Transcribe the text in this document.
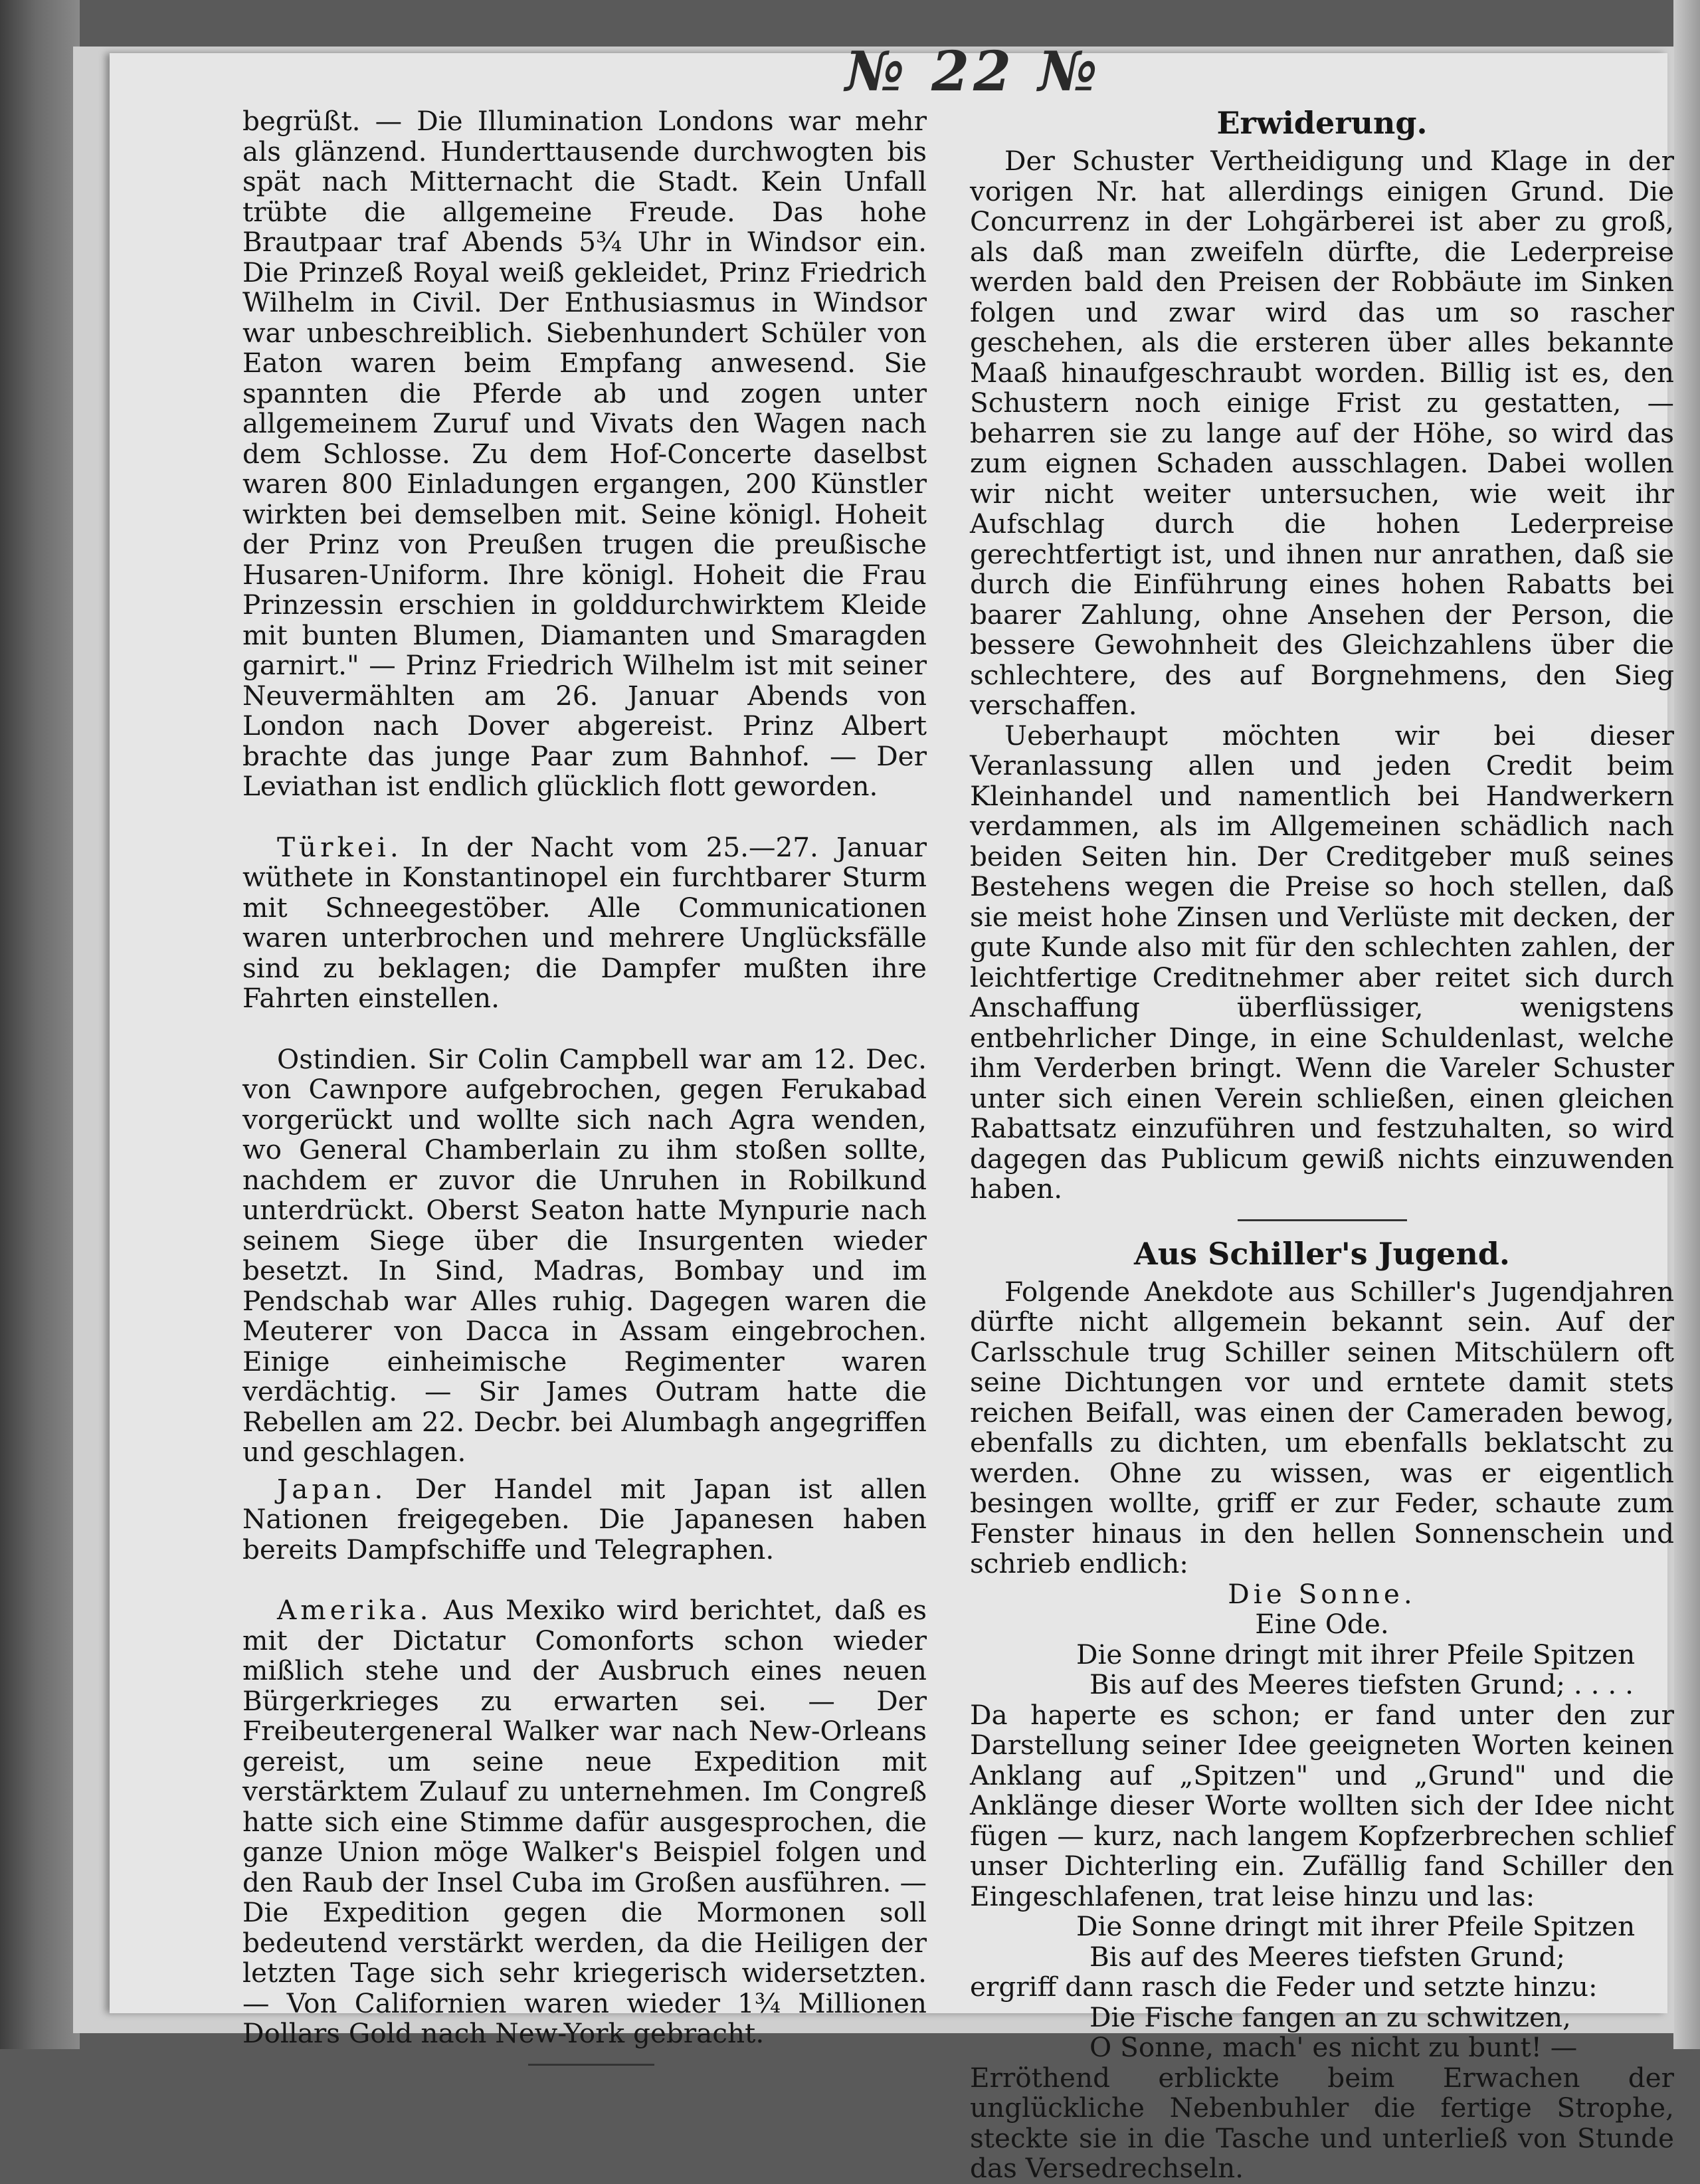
№ 22 №

begrüßt. — Die Illumination Londons war mehr als glänzend. Hunderttausende durchwogten bis spät nach Mitternacht die Stadt. Kein Unfall trübte die allgemeine Freude. Das hohe Brautpaar traf Abends 5¾ Uhr in Windsor ein. Die Prinzeß Royal weiß gekleidet, Prinz Friedrich Wilhelm in Civil. Der Enthusiasmus in Windsor war unbeschreiblich. Siebenhundert Schüler von Eaton waren beim Empfang anwesend. Sie spannten die Pferde ab und zogen unter allgemeinem Zuruf und Vivats den Wagen nach dem Schlosse. Zu dem Hof-Concerte daselbst waren 800 Einladungen ergangen, 200 Künstler wirkten bei demselben mit. Seine königl. Hoheit der Prinz von Preußen trugen die preußische Husaren-Uniform. Ihre königl. Hoheit die Frau Prinzessin erschien in golddurchwirktem Kleide mit bunten Blumen, Diamanten und Smaragden garnirt." — Prinz Friedrich Wilhelm ist mit seiner Neuvermählten am 26. Januar Abends von London nach Dover abgereist. Prinz Albert brachte das junge Paar zum Bahnhof. — Der Leviathan ist endlich glücklich flott geworden.

Türkei. In der Nacht vom 25.—27. Januar wüthete in Konstantinopel ein furchtbarer Sturm mit Schneegestöber. Alle Communicationen waren unterbrochen und mehrere Unglücksfälle sind zu beklagen; die Dampfer mußten ihre Fahrten einstellen.

Ostindien. Sir Colin Campbell war am 12. Dec. von Cawnpore aufgebrochen, gegen Ferukabad vorgerückt und wollte sich nach Agra wenden, wo General Chamberlain zu ihm stoßen sollte, nachdem er zuvor die Unruhen in Robilkund unterdrückt. Oberst Seaton hatte Mynpurie nach seinem Siege über die Insurgenten wieder besetzt. In Sind, Madras, Bombay und im Pendschab war Alles ruhig. Dagegen waren die Meuterer von Dacca in Assam eingebrochen. Einige einheimische Regimenter waren verdächtig. — Sir James Outram hatte die Rebellen am 22. Decbr. bei Alumbagh angegriffen und geschlagen.

Japan. Der Handel mit Japan ist allen Nationen freigegeben. Die Japanesen haben bereits Dampfschiffe und Telegraphen.

Amerika. Aus Mexiko wird berichtet, daß es mit der Dictatur Comonforts schon wieder mißlich stehe und der Ausbruch eines neuen Bürgerkrieges zu erwarten sei. — Der Freibeutergeneral Walker war nach New-Orleans gereist, um seine neue Expedition mit verstärktem Zulauf zu unternehmen. Im Congreß hatte sich eine Stimme dafür ausgesprochen, die ganze Union möge Walker's Beispiel folgen und den Raub der Insel Cuba im Großen ausführen. — Die Expedition gegen die Mormonen soll bedeutend verstärkt werden, da die Heiligen der letzten Tage sich sehr kriegerisch widersetzten. — Von Californien waren wieder 1¾ Millionen Dollars Gold nach New-York gebracht.

Erwiderung.

Der Schuster Vertheidigung und Klage in der vorigen Nr. hat allerdings einigen Grund. Die Concurrenz in der Lohgärbereі ist aber zu groß, als daß man zweifeln dürfte, die Lederpreise werden bald den Preisen der Robbäute im Sinken folgen und zwar wird das um so rascher geschehen, als die ersteren über alles bekannte Maaß hinaufgeschraubt worden. Billig ist es, den Schustern noch einige Frist zu gestatten, — beharren sie zu lange auf der Höhe, so wird das zum eignen Schaden ausschlagen. Dabei wollen wir nicht weiter untersuchen, wie weit ihr Aufschlag durch die hohen Lederpreise gerechtfertigt ist, und ihnen nur anrathen, daß sie durch die Einführung eines hohen Rabatts bei baarer Zahlung, ohne Ansehen der Person, die bessere Gewohnheit des Gleichzahlens über die schlechtere, des auf Borgnehmens, den Sieg verschaffen.

Ueberhaupt möchten wir bei dieser Veranlassung allen und jeden Credit beim Kleinhandel und namentlich bei Handwerkern verdammen, als im Allgemeinen schädlich nach beiden Seiten hin. Der Creditgeber muß seines Bestehens wegen die Preise so hoch stellen, daß sie meist hohe Zinsen und Verlüste mit decken, der gute Kunde also mit für den schlechten zahlen, der leichtfertige Creditnehmer aber reitet sich durch Anschaffung überflüssiger, wenigstens entbehrlicher Dinge, in eine Schuldenlast, welche ihm Verderben bringt. Wenn die Vareler Schuster unter sich einen Verein schließen, einen gleichen Rabattsatz einzuführen und festzuhalten, so wird dagegen das Publicum gewiß nichts einzuwenden haben.

Aus Schiller's Jugend.

Folgende Anekdote aus Schiller's Jugendjahren dürfte nicht allgemein bekannt sein. Auf der Carlsschule trug Schiller seinen Mitschülern oft seine Dichtungen vor und erntete damit stets reichen Beifall, was einen der Cameraden bewog, ebenfalls zu dichten, um ebenfalls beklatscht zu werden. Ohne zu wissen, was er eigentlich besingen wollte, griff er zur Feder, schaute zum Fenster hinaus in den hellen Sonnenschein und schrieb endlich:

Die Sonne.

Eine Ode.

Die Sonne dringt mit ihrer Pfeile Spitzen

Bis auf des Meeres tiefsten Grund; . . . .

Da haperte es schon; er fand unter den zur Darstellung seiner Idee geeigneten Worten keinen Anklang auf „Spitzen" und „Grund" und die Anklänge dieser Worte wollten sich der Idee nicht fügen — kurz, nach langem Kopfzerbrechen schlief unser Dichterling ein. Zufällig fand Schiller den Eingeschlafenen, trat leise hinzu und las:

Die Sonne dringt mit ihrer Pfeile Spitzen

Bis auf des Meeres tiefsten Grund;

ergriff dann rasch die Feder und setzte hinzu:

Die Fische fangen an zu schwitzen,

O Sonne, mach' es nicht zu bunt! —

Erröthend erblickte beim Erwachen der unglückliche Nebenbuhler die fertige Strophe, steckte sie in die Tasche und unterließ von Stunde das Versedrechseln.
